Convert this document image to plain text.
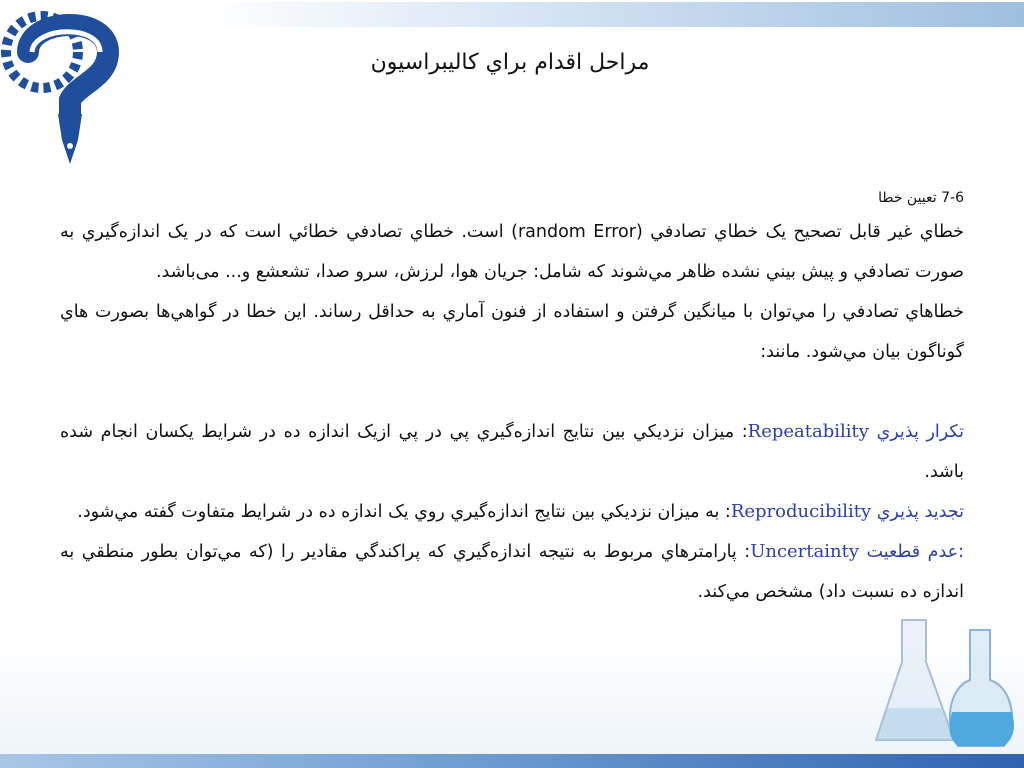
مراحل اقدام براي كاليبراسيون

7-6 تعيين خطا

خطاي غير قابل تصحيح يک خطاي تصادفي (random Error) است. خطاي تصادفي خطائي است که در يک اندازه‌گيري به صورت تصادفي و پيش بيني نشده ظاهر مي‌شوند که شامل: جريان هوا، لرزش، سرو صدا، تشعشع و... می‌باشد.

خطاهاي تصادفي را مي‌توان با ميانگين گرفتن و استفاده از فنون آماري به حداقل رساند. اين خطا در گواهي‌ها بصورت هاي گوناگون بيان مي‌شود. مانند:

تکرار پذيري Repeatability: ميزان نزديکي بين نتايج اندازه‌گيري پي در پي ازيک اندازه ده در شرايط يکسان انجام شده باشد.

تجديد پذيري Reproducibility: به ميزان نزديکي بين نتايج اندازه‌گيري روي يک اندازه ده در شرايط متفاوت گفته مي‌شود.

:عدم قطعيت Uncertainty: پارامترهاي مربوط به نتيجه اندازه‌گيري که پراکندگي مقادير را (که مي‌توان بطور منطقي به اندازه ده نسبت داد) مشخص مي‌کند.
